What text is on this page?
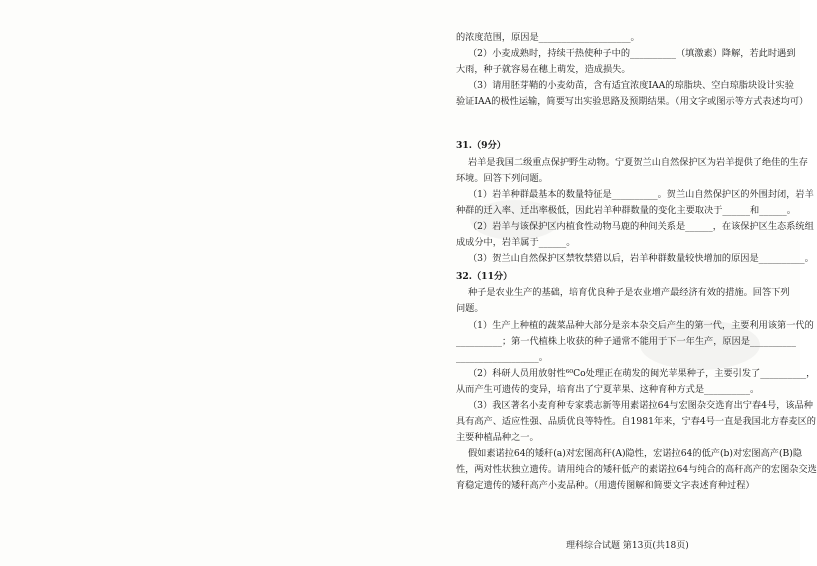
的浓度范围，原因是____________________。
（2）小麦成熟时，持续干热使种子中的__________（填激素）降解，若此时遇到
大雨，种子就容易在穗上萌发，造成损失。
（3）请用胚芽鞘的小麦幼苗，含有适宜浓度IAA的琼脂块、空白琼脂块设计实验
验证IAA的极性运输，简要写出实验思路及预期结果。（用文字或图示等方式表述均可）
31.（9分）
岩羊是我国二级重点保护野生动物。宁夏贺兰山自然保护区为岩羊提供了绝佳的生存
环境。回答下列问题。
（1）岩羊种群最基本的数量特征是__________。贺兰山自然保护区的外围封闭，岩羊
种群的迁入率、迁出率极低，因此岩羊种群数量的变化主要取决于______和______。
（2）岩羊与该保护区内植食性动物马鹿的种间关系是______，在该保护区生态系统组
成成分中，岩羊属于______。
（3）贺兰山自然保护区禁牧禁猎以后，岩羊种群数量较快增加的原因是__________。
32.（11分）
种子是农业生产的基础，培育优良种子是农业增产最经济有效的措施。回答下列
问题。
（1）生产上种植的蔬菜品种大部分是亲本杂交后产生的第一代，主要利用该第一代的
__________；第一代植株上收获的种子通常不能用于下一年生产，原因是__________
__________________。
（2）科研人员用放射性⁶⁰Co处理正在萌发的闽光苹果种子，主要引发了__________，
从而产生可遗传的变异，培育出了宁夏苹果、这种育种方式是__________。
（3）我区著名小麦育种专家裘志新等用素诺拉64与宏图杂交选育出宁春4号，该品种
具有高产、适应性强、品质优良等特性。自1981年来，宁春4号一直是我国北方春麦区的
主要种植品种之一。
假如素诺拉64的矮秆(a)对宏图高秆(A)隐性，宏诺拉64的低产(b)对宏图高产(B)隐
性，两对性状独立遗传。请用纯合的矮秆低产的素诺拉64与纯合的高秆高产的宏图杂交选
育稳定遗传的矮秆高产小麦品种。（用遗传图解和简要文字表述育种过程）
理科综合试题 第13页(共18页)
